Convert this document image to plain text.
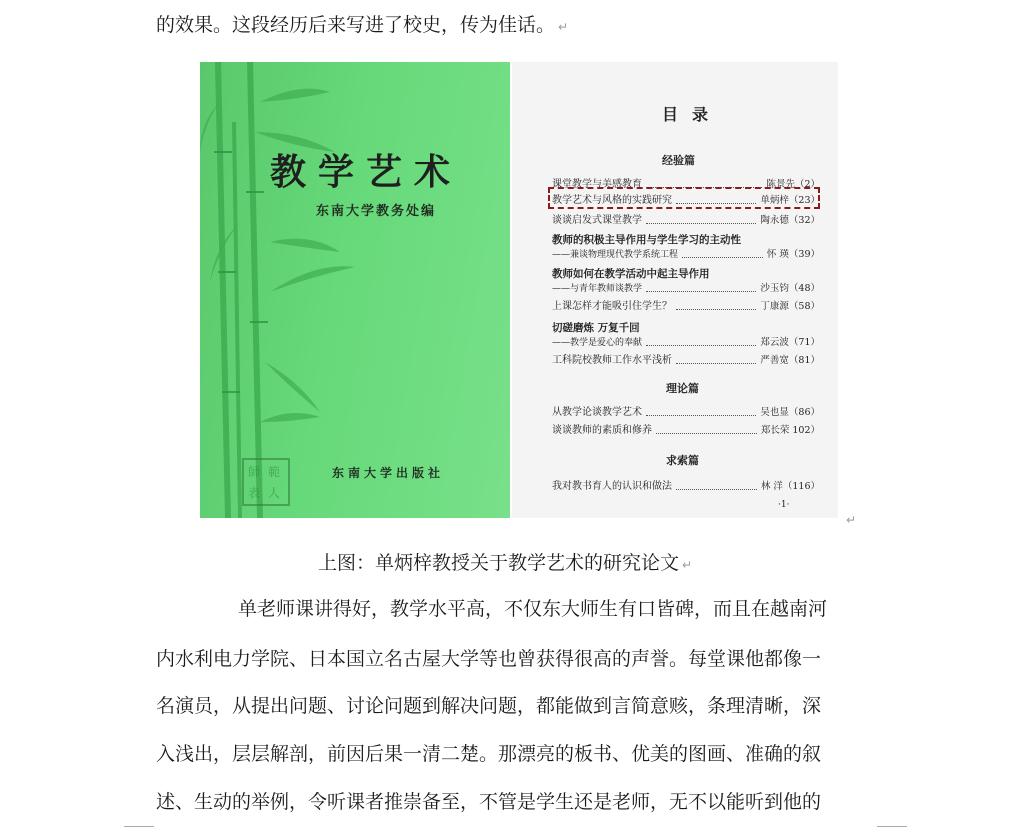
的效果。这段经历后来写进了校史，传为佳话。 ↵
教学艺术
东南大学教务处编
師 範
表 人
东南大学出版社
目录
经验篇
课堂教学与美感教育	陈景先（2）
教学艺术与风格的实践研究	单炳梓（23）
谈谈启发式课堂教学	陶永德（32）
教师的积极主导作用与学生学习的主动性
——兼谈物理现代教学系统工程	怀 瑛（39）
教师如何在教学活动中起主导作用
——与青年教师谈教学	沙玉钧（48）
上课怎样才能吸引住学生？	丁康源（58）
切磋磨炼 万复千回
——教学是爱心的奉献	郑云波（71）
工科院校教师工作水平浅析	严善宽（81）
理论篇
从教学论谈教学艺术	吴也显（86）
谈谈教师的素质和修养	郑长荣 102）
求索篇
我对教书育人的认识和做法	林 洋（116）
·1·
↵
上图：单炳梓教授关于教学艺术的研究论文 ↵
单老师课讲得好，教学水平高，不仅东大师生有口皆碑，而且在越南河
内水利电力学院、日本国立名古屋大学等也曾获得很高的声誉。每堂课他都像一
名演员，从提出问题、讨论问题到解决问题，都能做到言简意赅，条理清晰，深
入浅出，层层解剖，前因后果一清二楚。那漂亮的板书、优美的图画、准确的叙
述、生动的举例，令听课者推崇备至，不管是学生还是老师，无不以能听到他的
